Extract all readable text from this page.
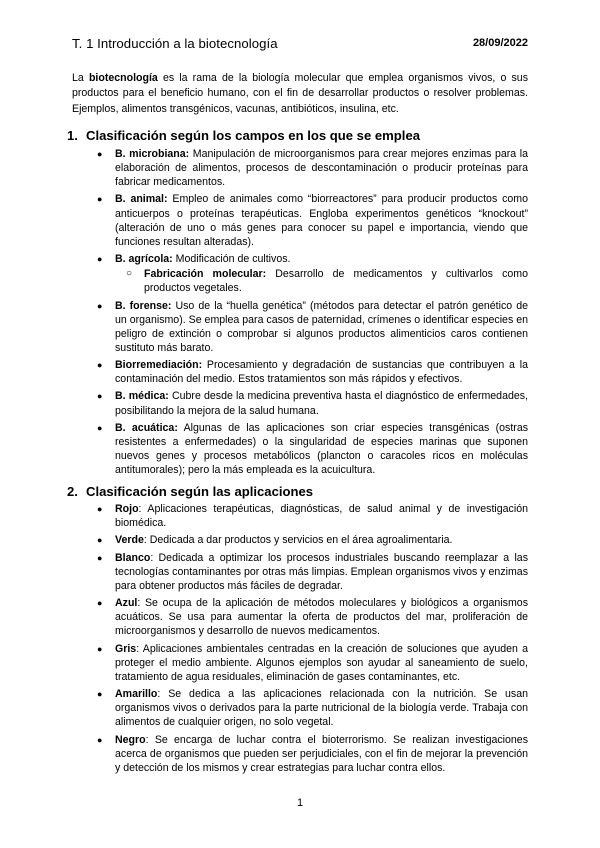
T. 1 Introducción a la biotecnología	28/09/2022

La biotecnología es la rama de la biología molecular que emplea organismos vivos, o sus productos para el beneficio humano, con el fin de desarrollar productos o resolver problemas. Ejemplos, alimentos transgénicos, vacunas, antibióticos, insulina, etc.

1. Clasificación según los campos en los que se emplea
● B. microbiana: Manipulación de microorganismos para crear mejores enzimas para la elaboración de alimentos, procesos de descontaminación o producir proteínas para fabricar medicamentos.
● B. animal: Empleo de animales como “biorreactores” para producir productos como anticuerpos o proteínas terapéuticas. Engloba experimentos genéticos “knockout” (alteración de uno o más genes para conocer su papel e importancia, viendo que funciones resultan alteradas).
● B. agrícola: Modificación de cultivos.
○ Fabricación molecular: Desarrollo de medicamentos y cultivarlos como productos vegetales.
● B. forense: Uso de la “huella genética” (métodos para detectar el patrón genético de un organismo). Se emplea para casos de paternidad, crímenes o identificar especies en peligro de extinción o comprobar si algunos productos alimenticios caros contienen sustituto más barato.
● Biorremediación: Procesamiento y degradación de sustancias que contribuyen a la contaminación del medio. Estos tratamientos son más rápidos y efectivos.
● B. médica: Cubre desde la medicina preventiva hasta el diagnóstico de enfermedades, posibilitando la mejora de la salud humana.
● B. acuática: Algunas de las aplicaciones son criar especies transgénicas (ostras resistentes a enfermedades) o la singularidad de especies marinas que suponen nuevos genes y procesos metabólicos (plancton o caracoles ricos en moléculas antitumorales); pero la más empleada es la acuicultura.
2. Clasificación según las aplicaciones
● Rojo: Aplicaciones terapéuticas, diagnósticas, de salud animal y de investigación biomédica.
● Verde: Dedicada a dar productos y servicios en el área agroalimentaria.
● Blanco: Dedicada a optimizar los procesos industriales buscando reemplazar a las tecnologías contaminantes por otras más limpias. Emplean organismos vivos y enzimas para obtener productos más fáciles de degradar.
● Azul: Se ocupa de la aplicación de métodos moleculares y biológicos a organismos acuáticos. Se usa para aumentar la oferta de productos del mar, proliferación de microorganismos y desarrollo de nuevos medicamentos.
● Gris: Aplicaciones ambientales centradas en la creación de soluciones que ayuden a proteger el medio ambiente. Algunos ejemplos son ayudar al saneamiento de suelo, tratamiento de agua residuales, eliminación de gases contaminantes, etc.
● Amarillo: Se dedica a las aplicaciones relacionada con la nutrición. Se usan organismos vivos o derivados para la parte nutricional de la biología verde. Trabaja con alimentos de cualquier origen, no solo vegetal.
● Negro: Se encarga de luchar contra el bioterrorismo. Se realizan investigaciones acerca de organismos que pueden ser perjudiciales, con el fin de mejorar la prevención y detección de los mismos y crear estrategias para luchar contra ellos.
1
